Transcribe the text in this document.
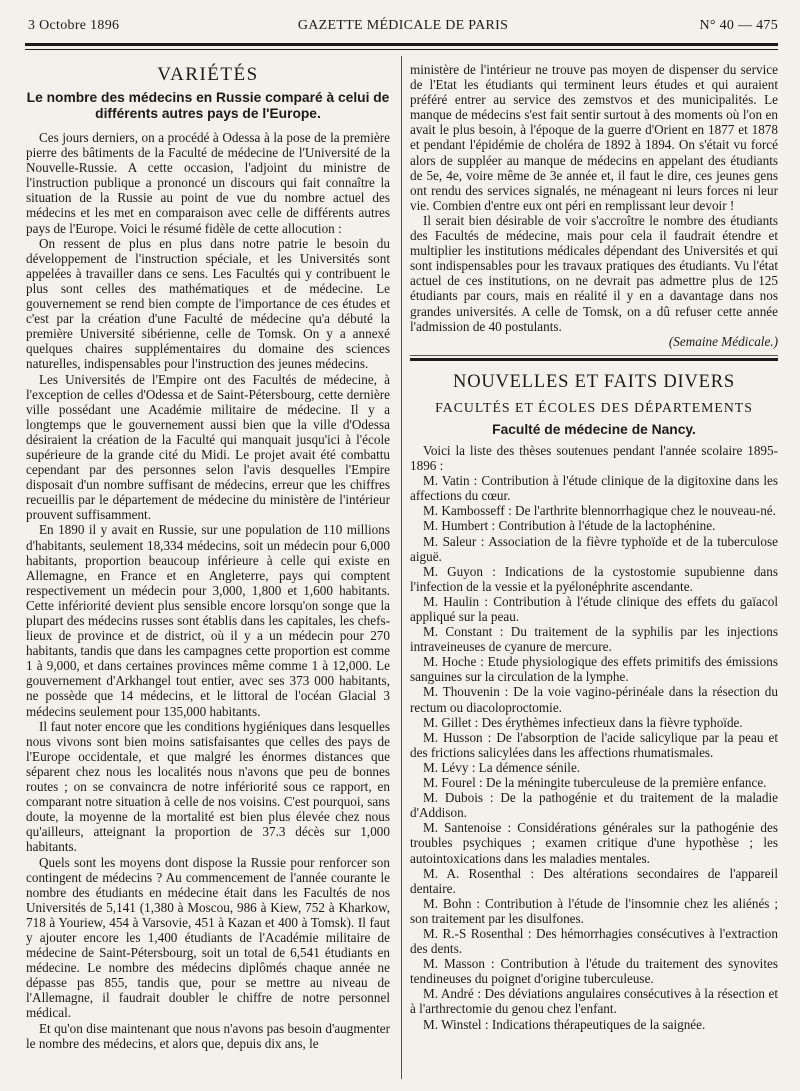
3 Octobre 1896	GAZETTE MÉDICALE DE PARIS	N° 40 — 475
VARIÉTÉS
Le nombre des médecins en Russie comparé à celui de différents autres pays de l'Europe.

Ces jours derniers, on a procédé à Odessa à la pose de la première pierre des bâtiments de la Faculté de médecine de l'Université de la Nouvelle-Russie. A cette occasion, l'adjoint du ministre de l'instruction publique a prononcé un discours qui fait connaître la situation de la Russie au point de vue du nombre actuel des médecins et les met en comparaison avec celle de différents autres pays de l'Europe. Voici le résumé fidèle de cette allocution :

On ressent de plus en plus dans notre patrie le besoin du développement de l'instruction spéciale, et les Universités sont appelées à travailler dans ce sens. Les Facultés qui y contribuent le plus sont celles des mathématiques et de médecine. Le gouvernement se rend bien compte de l'importance de ces études et c'est par la création d'une Faculté de médecine qu'a débuté la première Université sibérienne, celle de Tomsk. On y a annexé quelques chaires supplémentaires du domaine des sciences naturelles, indispensables pour l'instruction des jeunes médecins.

Les Universités de l'Empire ont des Facultés de médecine, à l'exception de celles d'Odessa et de Saint-Pétersbourg, cette dernière ville possédant une Académie militaire de médecine. Il y a longtemps que le gouvernement aussi bien que la ville d'Odessa désiraient la création de la Faculté qui manquait jusqu'ici à l'école supérieure de la grande cité du Midi. Le projet avait été combattu cependant par des personnes selon l'avis desquelles l'Empire disposait d'un nombre suffisant de médecins, erreur que les chiffres recueillis par le département de médecine du ministère de l'intérieur prouvent suffisamment.

En 1890 il y avait en Russie, sur une population de 110 millions d'habitants, seulement 18,334 médecins, soit un médecin pour 6,000 habitants, proportion beaucoup inférieure à celle qui existe en Allemagne, en France et en Angleterre, pays qui comptent respectivement un médecin pour 3,000, 1,800 et 1,600 habitants. Cette infériorité devient plus sensible encore lorsqu'on songe que la plupart des médecins russes sont établis dans les capitales, les chefs-lieux de province et de district, où il y a un médecin pour 270 habitants, tandis que dans les campagnes cette proportion est comme 1 à 9,000, et dans certaines provinces même comme 1 à 12,000. Le gouvernement d'Arkhangel tout entier, avec ses 373 000 habitants, ne possède que 14 médecins, et le littoral de l'océan Glacial 3 médecins seulement pour 135,000 habitants.

Il faut noter encore que les conditions hygiéniques dans lesquelles nous vivons sont bien moins satisfaisantes que celles des pays de l'Europe occidentale, et que malgré les énormes distances que séparent chez nous les localités nous n'avons que peu de bonnes routes ; on se convaincra de notre infériorité sous ce rapport, en comparant notre situation à celle de nos voisins. C'est pourquoi, sans doute, la moyenne de la mortalité est bien plus élevée chez nous qu'ailleurs, atteignant la proportion de 37.3 décès sur 1,000 habitants.

Quels sont les moyens dont dispose la Russie pour renforcer son contingent de médecins ? Au commencement de l'année courante le nombre des étudiants en médecine était dans les Facultés de nos Universités de 5,141 (1,380 à Moscou, 986 à Kiew, 752 à Kharkow, 718 à Youriew, 454 à Varsovie, 451 à Kazan et 400 à Tomsk). Il faut y ajouter encore les 1,400 étudiants de l'Académie militaire de médecine de Saint-Pétersbourg, soit un total de 6,541 étudiants en médecine. Le nombre des médecins diplômés chaque année ne dépasse pas 855, tandis que, pour se mettre au niveau de l'Allemagne, il faudrait doubler le chiffre de notre personnel médical.

Et qu'on dise maintenant que nous n'avons pas besoin d'augmenter le nombre des médecins, et alors que, depuis dix ans, le

ministère de l'intérieur ne trouve pas moyen de dispenser du service de l'Etat les étudiants qui terminent leurs études et qui auraient préféré entrer au service des zemstvos et des municipalités. Le manque de médecins s'est fait sentir surtout à des moments où l'on en avait le plus besoin, à l'époque de la guerre d'Orient en 1877 et 1878 et pendant l'épidémie de choléra de 1892 à 1894. On s'était vu forcé alors de suppléer au manque de médecins en appelant des étudiants de 5e, 4e, voire même de 3e année et, il faut le dire, ces jeunes gens ont rendu des services signalés, ne ménageant ni leurs forces ni leur vie. Combien d'entre eux ont péri en remplissant leur devoir !

Il serait bien désirable de voir s'accroître le nombre des étudiants des Facultés de médecine, mais pour cela il faudrait étendre et multiplier les institutions médicales dépendant des Universités et qui sont indispensables pour les travaux pratiques des étudiants. Vu l'état actuel de ces institutions, on ne devrait pas admettre plus de 125 étudiants par cours, mais en réalité il y en a davantage dans nos grandes universités. A celle de Tomsk, on a dû refuser cette année l'admission de 40 postulants.

(Semaine Médicale.)

NOUVELLES ET FAITS DIVERS
FACULTÉS ET ÉCOLES DES DÉPARTEMENTS
Faculté de médecine de Nancy.

Voici la liste des thèses soutenues pendant l'année scolaire 1895-1896 :

M. Vatin : Contribution à l'étude clinique de la digitoxine dans les affections du cœur.

M. Kambosseff : De l'arthrite blennorrhagique chez le nouveau-né.

M. Humbert : Contribution à l'étude de la lactophénine.

M. Saleur : Association de la fièvre typhoïde et de la tuberculose aiguë.

M. Guyon : Indications de la cystostomie supubienne dans l'infection de la vessie et la pyélonéphrite ascendante.

M. Haulin : Contribution à l'étude clinique des effets du gaïacol appliqué sur la peau.

M. Constant : Du traitement de la syphilis par les injections intraveineuses de cyanure de mercure.

M. Hoche : Etude physiologique des effets primitifs des émissions sanguines sur la circulation de la lymphe.

M. Thouvenin : De la voie vagino-périnéale dans la résection du rectum ou diacoloproctomie.

M. Gillet : Des érythèmes infectieux dans la fièvre typhoïde.

M. Husson : De l'absorption de l'acide salicylique par la peau et des frictions salicylées dans les affections rhumatismales.

M. Lévy : La démence sénile.

M. Fourel : De la méningite tuberculeuse de la première enfance.

M. Dubois : De la pathogénie et du traitement de la maladie d'Addison.

M. Santenoise : Considérations générales sur la pathogénie des troubles psychiques ; examen critique d'une hypothèse ; les autointoxications dans les maladies mentales.

M. A. Rosenthal : Des altérations secondaires de l'appareil dentaire.

M. Bohn : Contribution à l'étude de l'insomnie chez les aliénés ; son traitement par les disulfones.

M. R.-S Rosenthal : Des hémorrhagies consécutives à l'extraction des dents.

M. Masson : Contribution à l'étude du traitement des synovites tendineuses du poignet d'origine tuberculeuse.

M. André : Des déviations angulaires consécutives à la résection et à l'arthrectomie du genou chez l'enfant.

M. Winstel : Indications thérapeutiques de la saignée.
